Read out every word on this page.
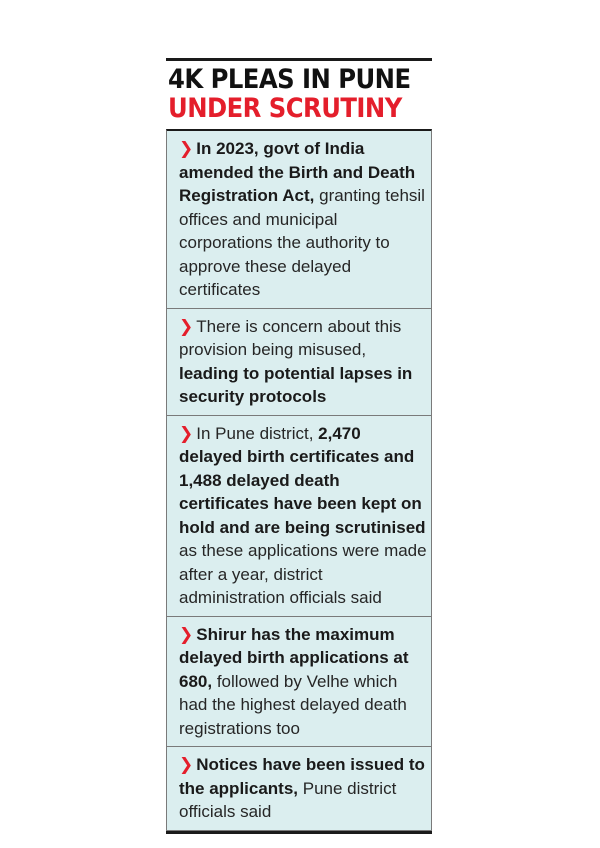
4K PLEAS IN PUNE
UNDER SCRUTINY
❯ In 2023, govt of India amended the Birth and Death Registration Act, granting tehsil offices and municipal corporations the authority to approve these delayed certificates
❯ There is concern about this provision being misused, leading to potential lapses in security protocols
❯ In Pune district, 2,470 delayed birth certificates and 1,488 delayed death certificates have been kept on hold and are being scrutinised as these applications were made after a year, district administration officials said
❯ Shirur has the maximum delayed birth applications at 680, followed by Velhe which had the highest delayed death registrations too
❯ Notices have been issued to the applicants, Pune district officials said
